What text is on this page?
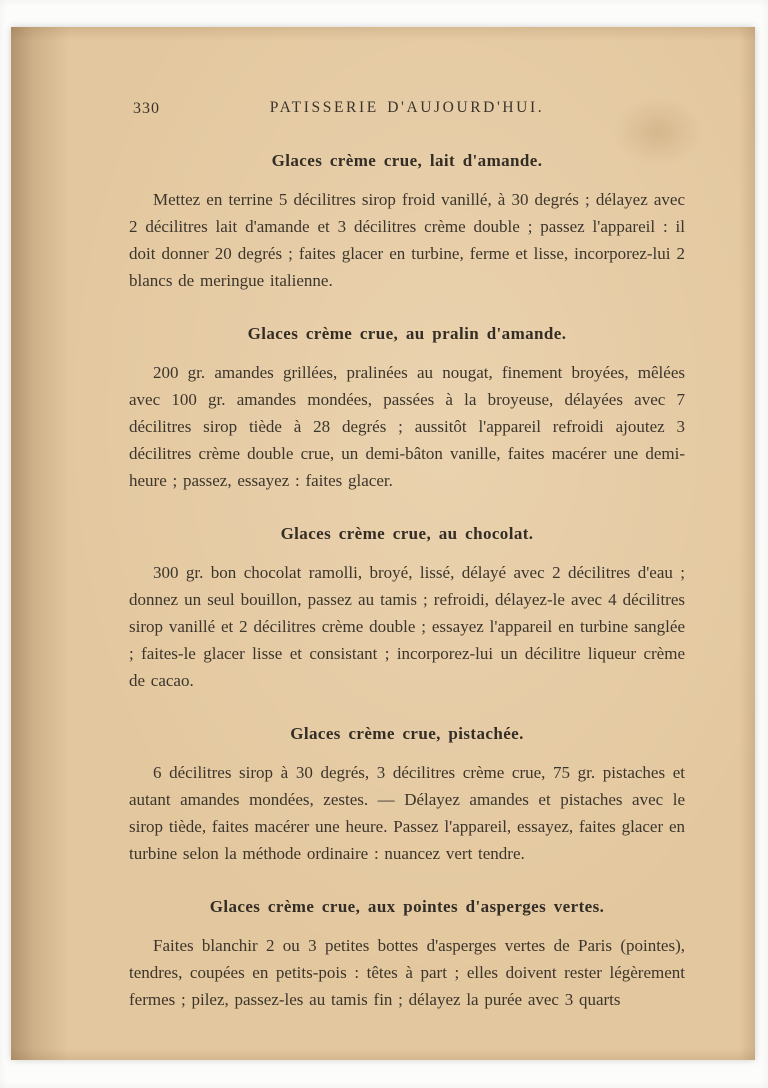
330	PATISSERIE D'AUJOURD'HUI.
Glaces crème crue, lait d'amande.

Mettez en terrine 5 décilitres sirop froid vanillé, à 30 degrés ; délayez avec 2 décilitres lait d'amande et 3 décilitres crème double ; passez l'appareil : il doit donner 20 degrés ; faites glacer en turbine, ferme et lisse, incorporez-lui 2 blancs de meringue italienne.

Glaces crème crue, au pralin d'amande.

200 gr. amandes grillées, pralinées au nougat, finement broyées, mêlées avec 100 gr. amandes mondées, passées à la broyeuse, délayées avec 7 décilitres sirop tiède à 28 degrés ; aussitôt l'appareil refroidi ajoutez 3 décilitres crème double crue, un demi-bâton vanille, faites macérer une demi-heure ; passez, essayez : faites glacer.

Glaces crème crue, au chocolat.

300 gr. bon chocolat ramolli, broyé, lissé, délayé avec 2 décilitres d'eau ; donnez un seul bouillon, passez au tamis ; refroidi, délayez-le avec 4 décilitres sirop vanillé et 2 décilitres crème double ; essayez l'appareil en turbine sanglée ; faites-le glacer lisse et consistant ; incorporez-lui un décilitre liqueur crème de cacao.

Glaces crème crue, pistachée.

6 décilitres sirop à 30 degrés, 3 décilitres crème crue, 75 gr. pistaches et autant amandes mondées, zestes. — Délayez amandes et pistaches avec le sirop tiède, faites macérer une heure. Passez l'appareil, essayez, faites glacer en turbine selon la méthode ordinaire : nuancez vert tendre.

Glaces crème crue, aux pointes d'asperges vertes.

Faites blanchir 2 ou 3 petites bottes d'asperges vertes de Paris (pointes), tendres, coupées en petits-pois : têtes à part ; elles doivent rester légèrement fermes ; pilez, passez-les au tamis fin ; délayez la purée avec 3 quarts
